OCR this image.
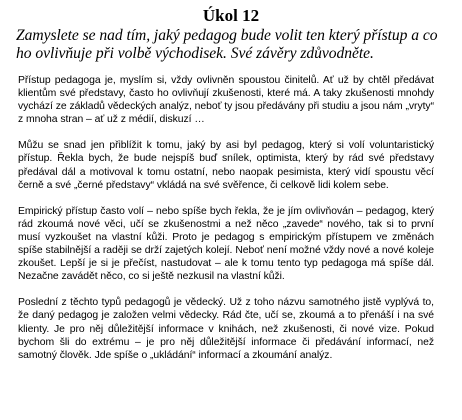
Úkol 12

Zamyslete se nad tím, jaký pedagog bude volit ten který přístup a co ho ovlivňuje při volbě východisek. Své závěry zdůvodněte.

Přístup pedagoga je, myslím si, vždy ovlivněn spoustou činitelů. Ať už by chtěl předávat klientům své představy, často ho ovlivňují zkušenosti, které má. A taky zkušenosti mnohdy vychází ze základů vědeckých analýz, neboť ty jsou předávány při studiu a jsou nám „vryty“ z mnoha stran – ať už z médií, diskuzí …

Můžu se snad jen přiblížit k tomu, jaký by asi byl pedagog, který si volí voluntaristický přístup. Řekla bych, že bude nejspíš buď snílek, optimista, který by rád své představy předával dál a motivoval k tomu ostatní, nebo naopak pesimista, který vidí spoustu věcí černě a své „černé představy“ vkládá na své svěřence, či celkově lidi kolem sebe.

Empirický přístup často volí – nebo spíše bych řekla, že je jím ovlivňován – pedagog, který rád zkoumá nové věci, učí se zkušenostmi a než něco „zavede“ nového, tak si to první musí vyzkoušet na vlastní kůži. Proto je pedagog s empirickým přístupem ve změnách spíše stabilnější a raději se drží zajetých kolejí. Neboť není možné vždy nové a nové koleje zkoušet. Lepší je si je přečíst, nastudovat – ale k tomu tento typ pedagoga má spíše dál. Nezačne zavádět něco, co si ještě nezkusil na vlastní kůži.

Poslední z těchto typů pedagogů je vědecký. Už z toho názvu samotného jistě vyplývá to, že daný pedagog je založen velmi vědecky. Rád čte, učí se, zkoumá a to přenáší i na své klienty. Je pro něj důležitější informace v knihách, než zkušenosti, či nové vize. Pokud bychom šli do extrému – je pro něj důležitější informace či předávání informací, než samotný člověk. Jde spíše o „ukládání“ informací a zkoumání analýz.
